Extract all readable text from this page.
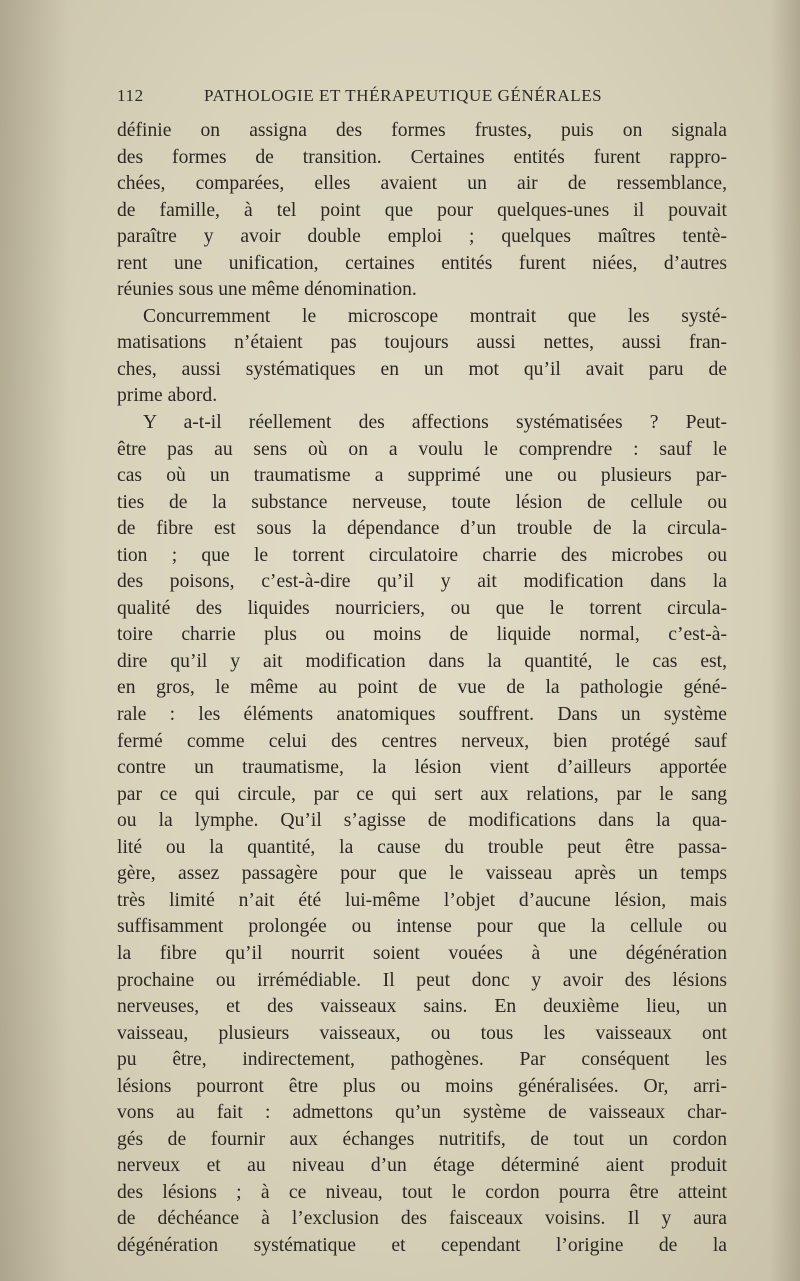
112	PATHOLOGIE ET THÉRAPEUTIQUE GÉNÉRALES
définie on assigna des formes frustes, puis on signala
des formes de transition. Certaines entités furent rappro-
chées, comparées, elles avaient un air de ressemblance,
de famille, à tel point que pour quelques-unes il pouvait
paraître y avoir double emploi ; quelques maîtres tentè-
rent une unification, certaines entités furent niées, d’autres
réunies sous une même dénomination.
Concurremment le microscope montrait que les systé-
matisations n’étaient pas toujours aussi nettes, aussi fran-
ches, aussi systématiques en un mot qu’il avait paru de
prime abord.
Y a-t-il réellement des affections systématisées ? Peut-
être pas au sens où on a voulu le comprendre : sauf le
cas où un traumatisme a supprimé une ou plusieurs par-
ties de la substance nerveuse, toute lésion de cellule ou
de fibre est sous la dépendance d’un trouble de la circula-
tion ; que le torrent circulatoire charrie des microbes ou
des poisons, c’est-à-dire qu’il y ait modification dans la
qualité des liquides nourriciers, ou que le torrent circula-
toire charrie plus ou moins de liquide normal, c’est-à-
dire qu’il y ait modification dans la quantité, le cas est,
en gros, le même au point de vue de la pathologie géné-
rale : les éléments anatomiques souffrent. Dans un système
fermé comme celui des centres nerveux, bien protégé sauf
contre un traumatisme, la lésion vient d’ailleurs apportée
par ce qui circule, par ce qui sert aux relations, par le sang
ou la lymphe. Qu’il s’agisse de modifications dans la qua-
lité ou la quantité, la cause du trouble peut être passa-
gère, assez passagère pour que le vaisseau après un temps
très limité n’ait été lui-même l’objet d’aucune lésion, mais
suffisamment prolongée ou intense pour que la cellule ou
la fibre qu’il nourrit soient vouées à une dégénération
prochaine ou irrémédiable. Il peut donc y avoir des lésions
nerveuses, et des vaisseaux sains. En deuxième lieu, un
vaisseau, plusieurs vaisseaux, ou tous les vaisseaux ont
pu être, indirectement, pathogènes. Par conséquent les
lésions pourront être plus ou moins généralisées. Or, arri-
vons au fait : admettons qu’un système de vaisseaux char-
gés de fournir aux échanges nutritifs, de tout un cordon
nerveux et au niveau d’un étage déterminé aient produit
des lésions ; à ce niveau, tout le cordon pourra être atteint
de déchéance à l’exclusion des faisceaux voisins. Il y aura
dégénération systématique et cependant l’origine de la
